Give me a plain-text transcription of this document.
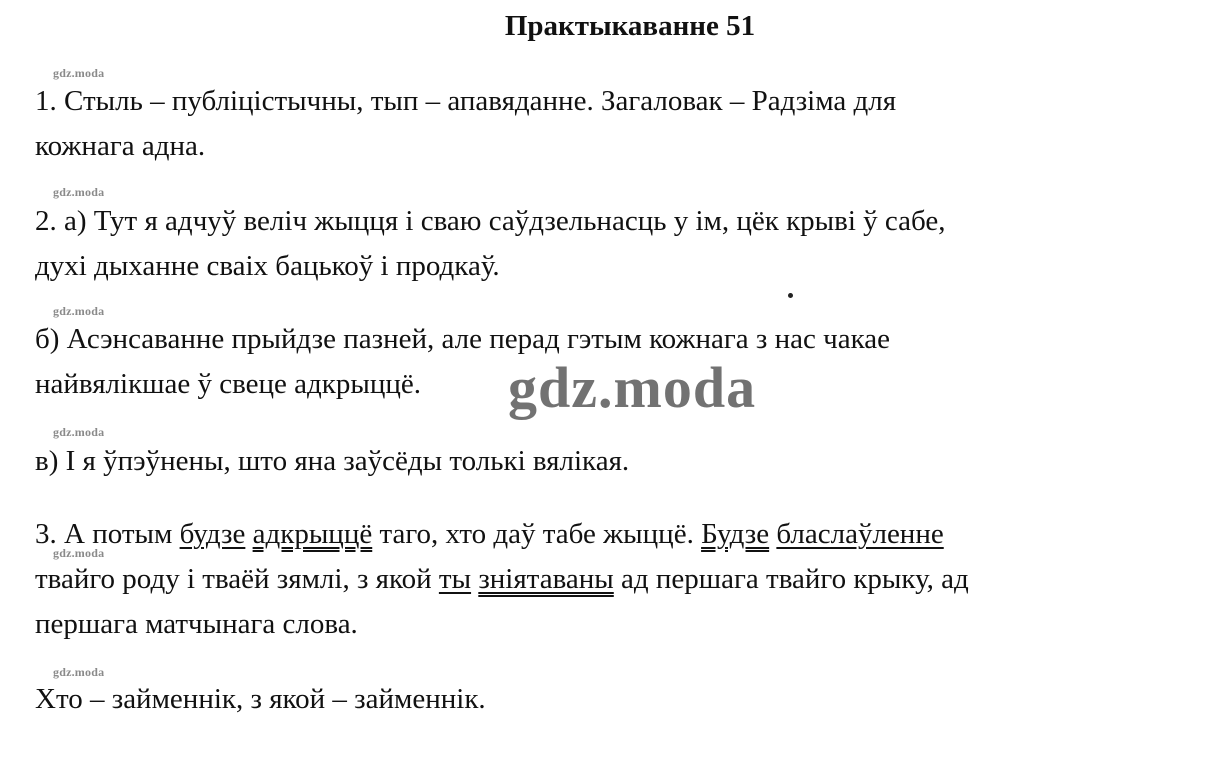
Практыкаванне 51
gdz.moda
1. Стыль – публіцістычны, тып – апавяданне. Загаловак – Радзіма для
кожнага адна.
gdz.moda
2. а) Тут я адчуў веліч жыцця і сваю саўдзельнасць у ім, цёк крыві ў сабе,
духі дыханне сваіх бацькоў і продкаў.
gdz.moda
б) Асэнсаванне прыйдзе пазней, але перад гэтым кожнага з нас чакае
найвялікшае ў свеце адкрыццё.	gdz.moda
gdz.moda
в) І я ўпэўнены, што яна заўсёды толькі вялікая.
3. А потым будзе адкрыццё таго, хто даў табе жыццё. Будзе бласлаўленне
твайго роду і тваёй зямлі, з якой ты зніятаваны ад першага твайго крыку, ад
першага матчынага слова.
gdz.moda
gdz.moda
Хто – займеннік, з якой – займеннік.
